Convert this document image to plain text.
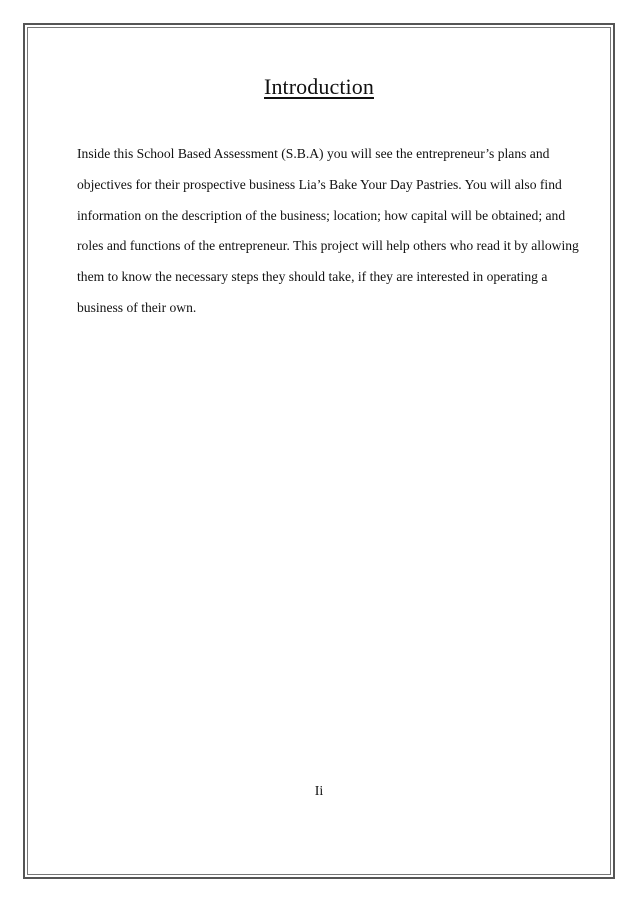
Introduction
Inside this School Based Assessment (S.B.A) you will see the entrepreneur’s plans and
objectives for their prospective business Lia’s Bake Your Day Pastries. You will also find
information on the description of the business; location; how capital will be obtained; and
roles and functions of the entrepreneur. This project will help others who read it by allowing
them to know the necessary steps they should take, if they are interested in operating a
business of their own.
Ii
